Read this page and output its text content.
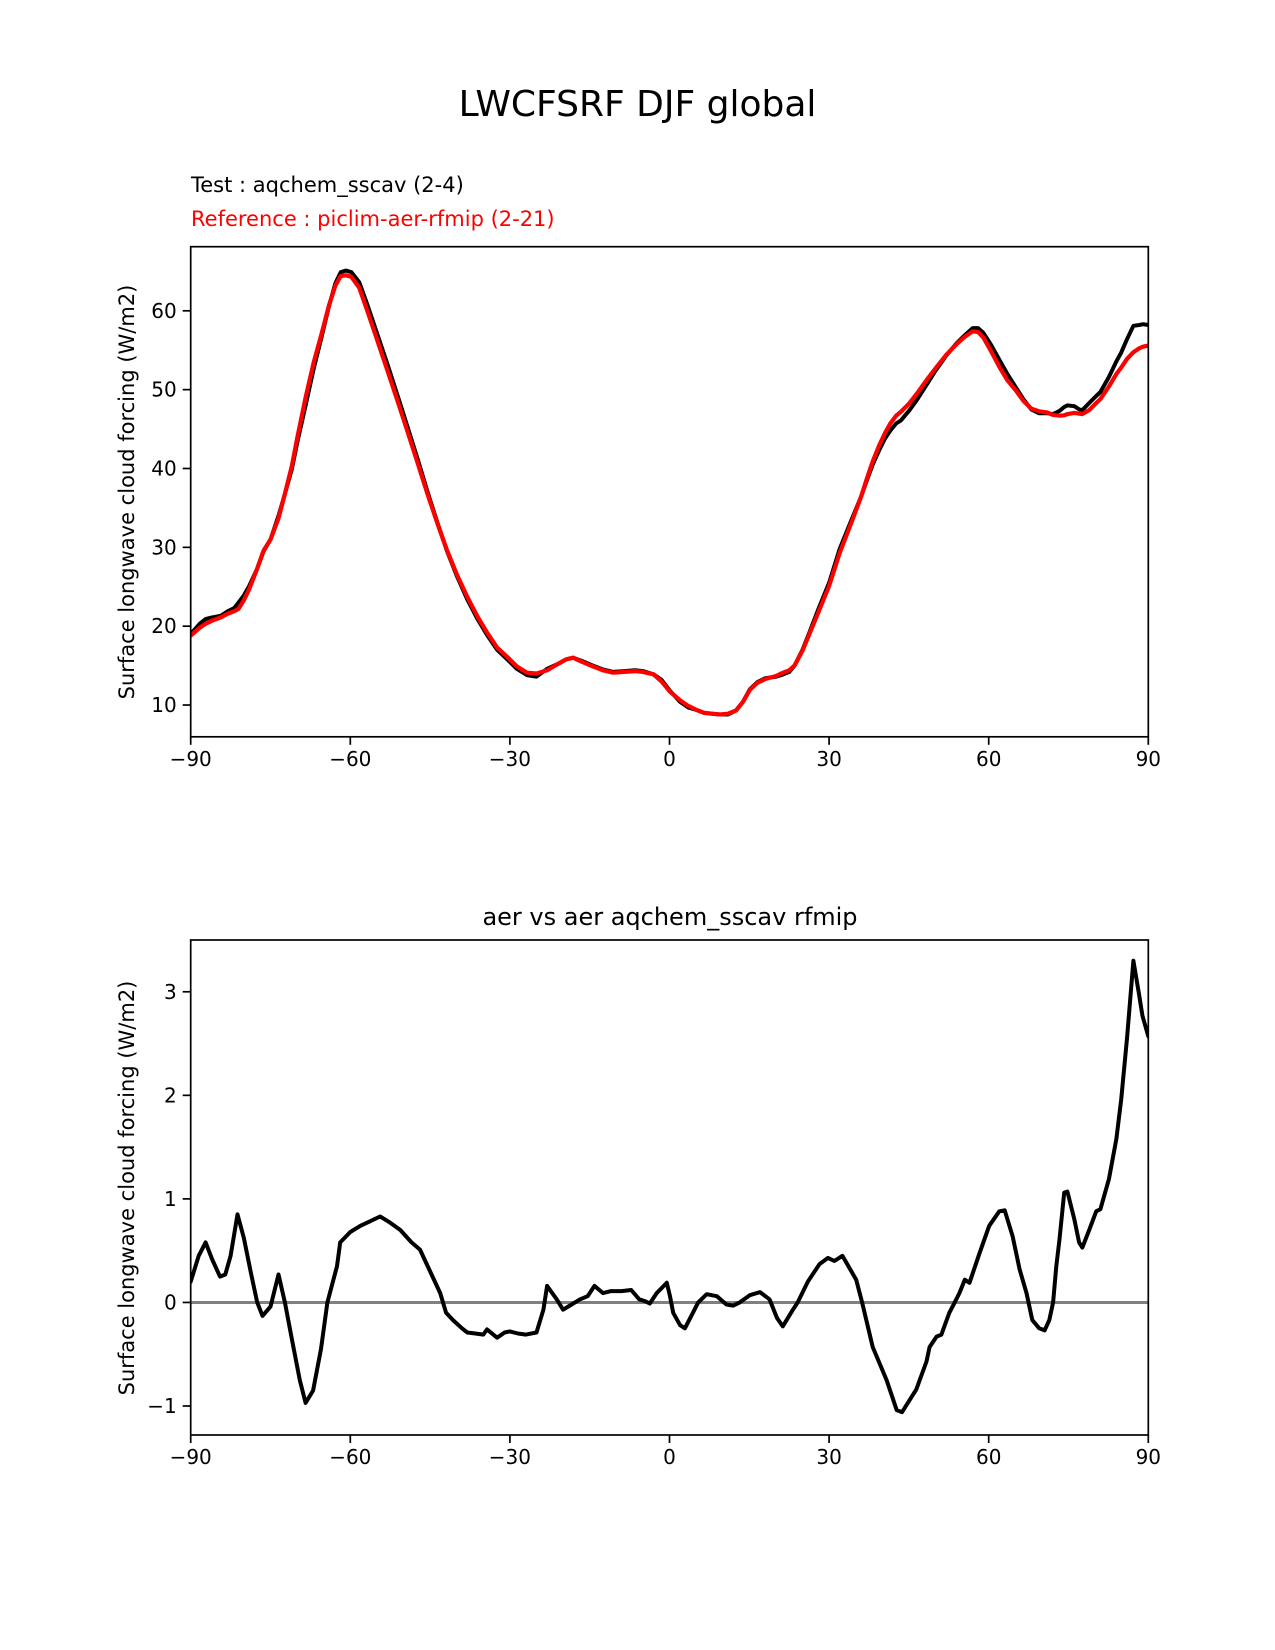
LWCFSRF DJF global
Test : aqchem_sscav (2-4)
Reference : piclim-aer-rfmip (2-21)
Surface longwave cloud forcing (W/m2)
aer vs aer aqchem_sscav rfmip
Surface longwave cloud forcing (W/m2)
−90	−60	−30	0	30	60	90
10
20
30
40
50
60
−90	−60	−30	0	30	60	90
−1
0
1
2
3
